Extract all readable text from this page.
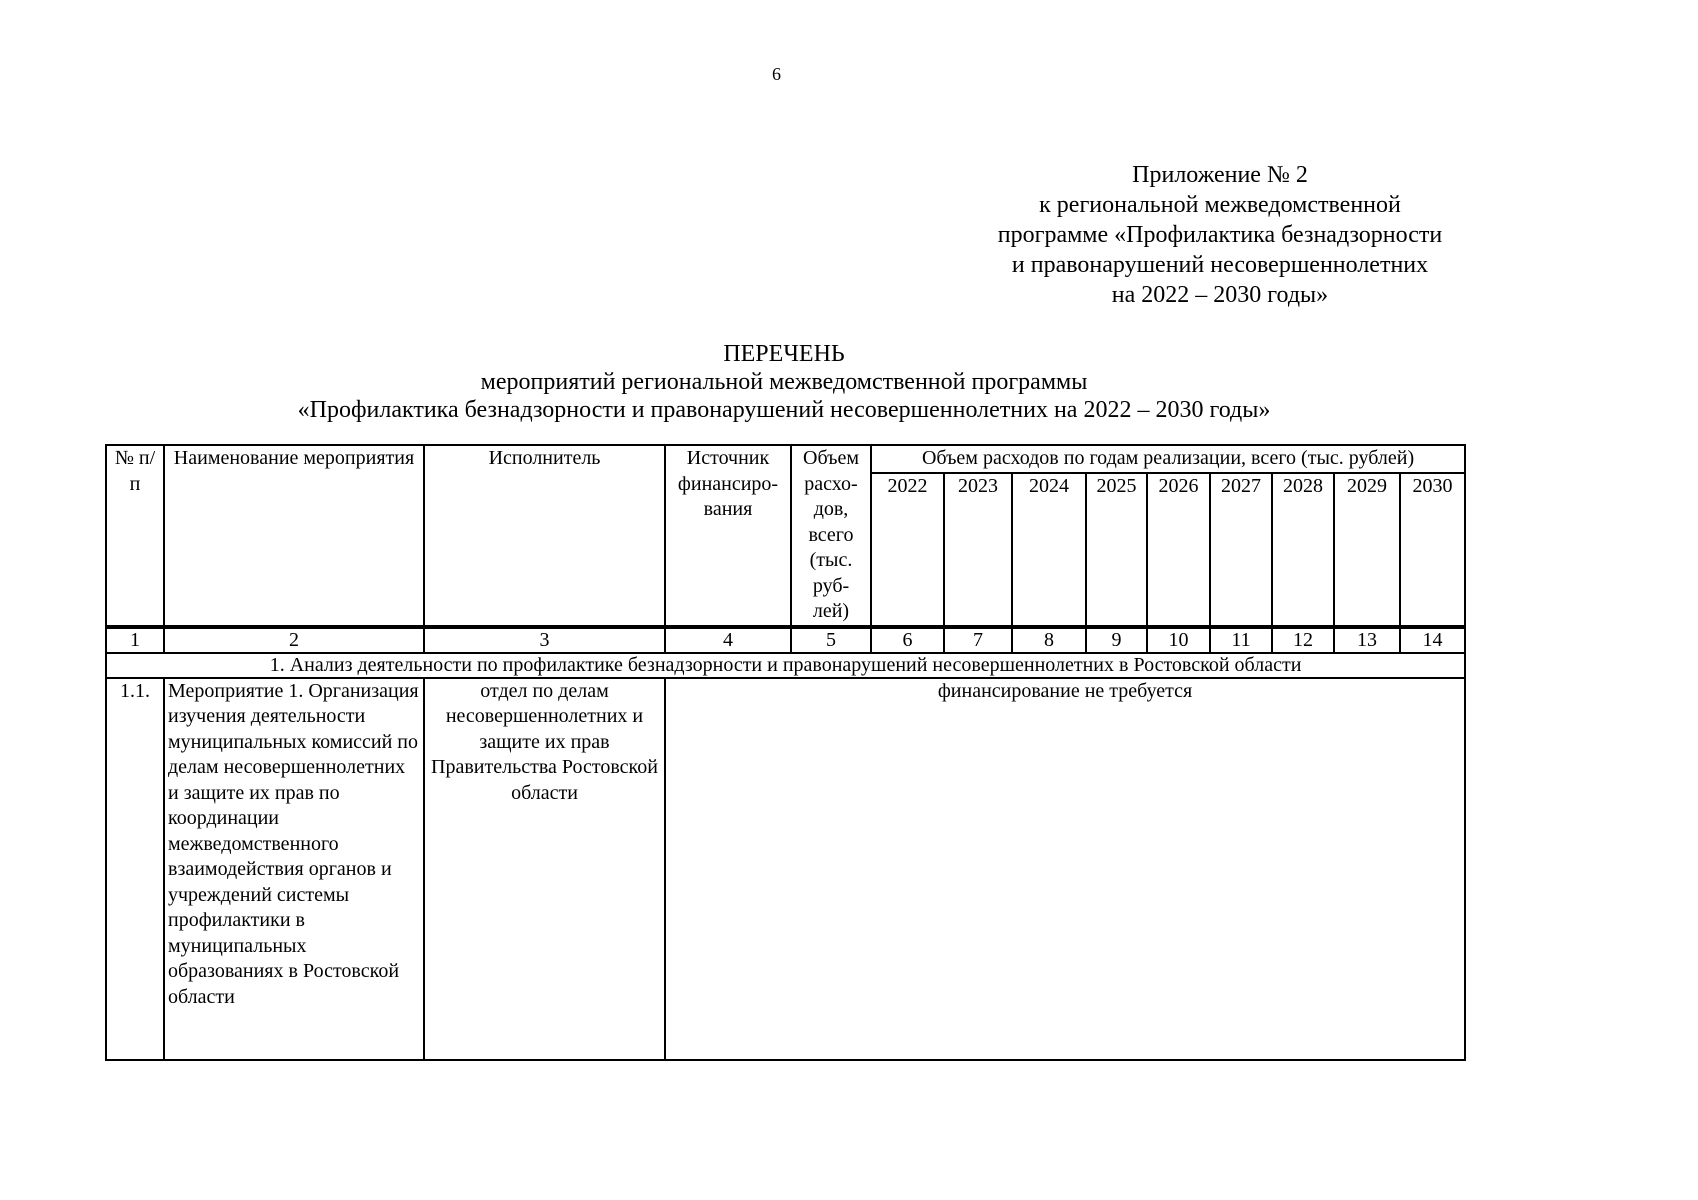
6
Приложение № 2
к региональной межведомственной
программе «Профилактика безнадзорности
и правонарушений несовершеннолетних
на 2022 – 2030 годы»
ПЕРЕЧЕНЬ
мероприятий региональной межведомственной программы
«Профилактика безнадзорности и правонарушений несовершеннолетних на 2022 – 2030 годы»
№ п/п	Наименование мероприятия	Исполнитель	Источник финансиро-вания	Объем расхо-дов, всего (тыс. руб-лей)	Объем расходов по годам реализации, всего (тыс. рублей)								
					2022	2023	2024	2025	2026	2027	2028	2029	2030
1	2	3	4	5	6	7	8	9	10	11	12	13	14
1. Анализ деятельности по профилактике безнадзорности и правонарушений несовершеннолетних в Ростовской области													
1.1.	Мероприятие 1. Организация изучения деятельности муниципальных комиссий по делам несовершеннолетних и защите их прав по координации межведомственного взаимодействия органов и учреждений системы профилактики в муниципальных образованиях в Ростовской области	отдел по делам несовершеннолетних и защите их прав Правительства Ростовской области	финансирование не требуется										
